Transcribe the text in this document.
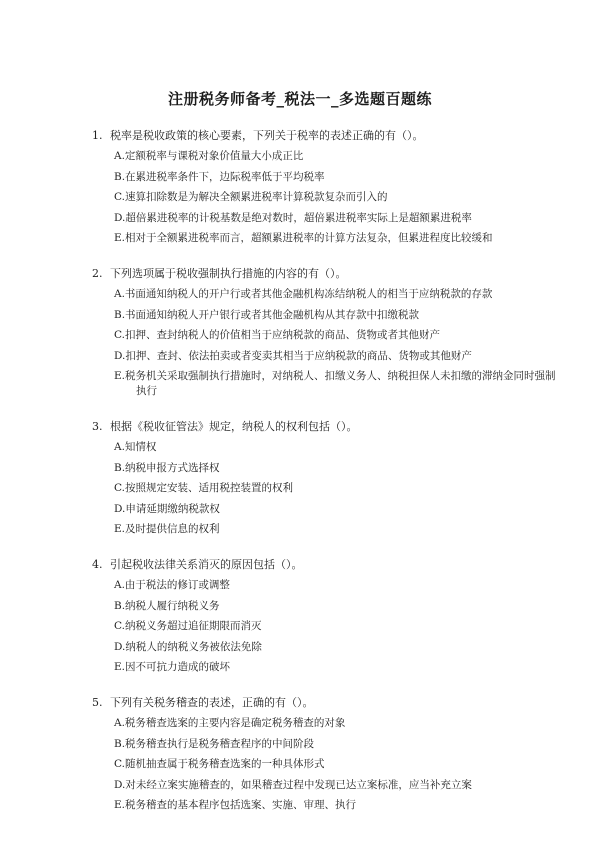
注册税务师备考_税法一_多选题百题练
1. 税率是税收政策的核心要素，下列关于税率的表述正确的有（）。
A.定额税率与课税对象价值量大小成正比
B.在累进税率条件下，边际税率低于平均税率
C.速算扣除数是为解决全额累进税率计算税款复杂而引入的
D.超倍累进税率的计税基数是绝对数时，超倍累进税率实际上是超额累进税率
E.相对于全额累进税率而言，超额累进税率的计算方法复杂，但累进程度比较缓和
2. 下列选项属于税收强制执行措施的内容的有（）。
A.书面通知纳税人的开户行或者其他金融机构冻结纳税人的相当于应纳税款的存款
B.书面通知纳税人开户银行或者其他金融机构从其存款中扣缴税款
C.扣押、查封纳税人的价值相当于应纳税款的商品、货物或者其他财产
D.扣押、查封、依法拍卖或者变卖其相当于应纳税款的商品、货物或其他财产
E.税务机关采取强制执行措施时，对纳税人、扣缴义务人、纳税担保人未扣缴的滞纳金同时强制执行
3. 根据《税收征管法》规定，纳税人的权利包括（）。
A.知情权
B.纳税申报方式选择权
C.按照规定安装、适用税控装置的权利
D.申请延期缴纳税款权
E.及时提供信息的权利
4. 引起税收法律关系消灭的原因包括（）。
A.由于税法的修订或调整
B.纳税人履行纳税义务
C.纳税义务超过追征期限而消灭
D.纳税人的纳税义务被依法免除
E.因不可抗力造成的破坏
5. 下列有关税务稽查的表述，正确的有（）。
A.税务稽查选案的主要内容是确定税务稽查的对象
B.税务稽查执行是税务稽查程序的中间阶段
C.随机抽查属于税务稽查选案的一种具体形式
D.对未经立案实施稽查的，如果稽查过程中发现已达立案标准，应当补充立案
E.税务稽查的基本程序包括选案、实施、审理、执行
